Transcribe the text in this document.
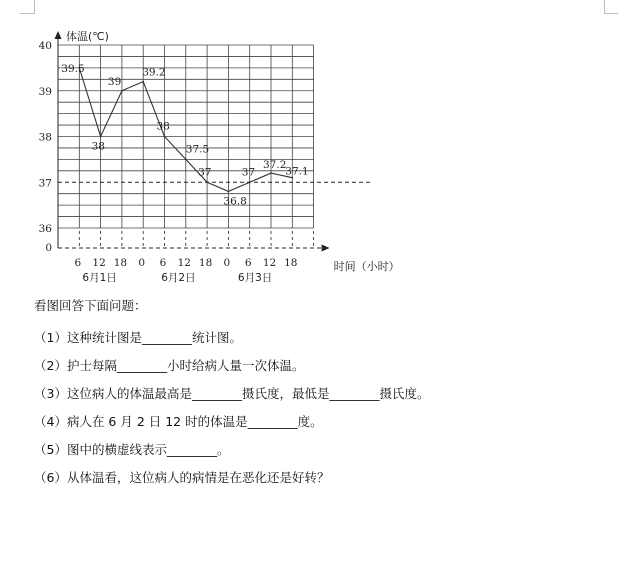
体温(℃)
时间（小时）
36
37
38
39
40
0
6 12 18 0 6 12 18 0 6 12 18
6月1日	6月2日	6月3日
39.5
38
39
39.2
38
37.5
37
36.8
37
37.2
37.1
看图回答下面问题：
（1）这种统计图是________统计图。
（2）护士每隔________小时给病人量一次体温。
（3）这位病人的体温最高是________摄氏度，最低是________摄氏度。
（4）病人在 6 月 2 日 12 时的体温是________度。
（5）图中的横虚线表示________。
（6）从体温看，这位病人的病情是在恶化还是好转？
